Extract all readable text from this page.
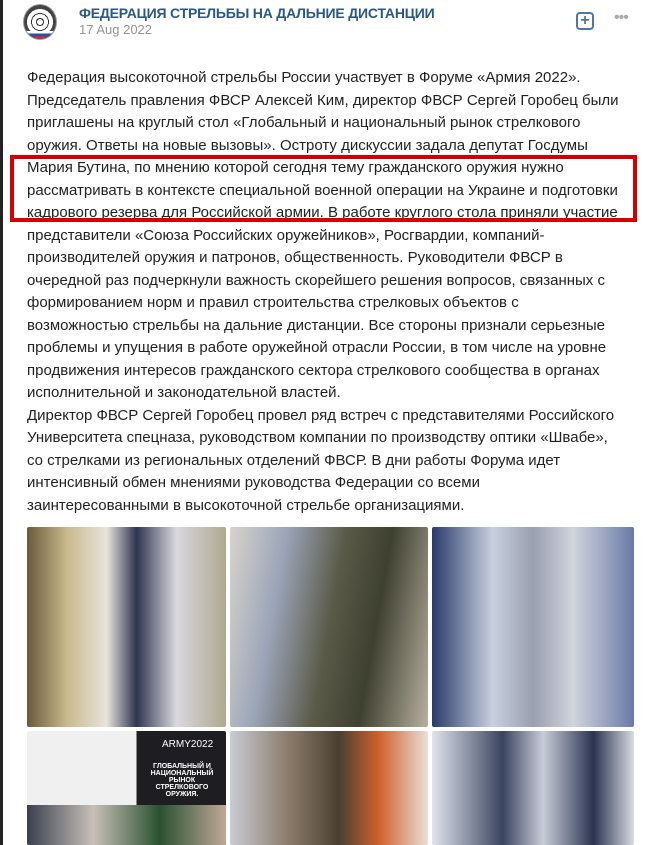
ФЕДЕРАЦИЯ СТРЕЛЬБЫ НА ДАЛЬНИЕ ДИСТАНЦИИ
17 Aug 2022
+ •••
Федерация высокоточной стрельбы России участвует в Форуме «Армия 2022».
Председатель правления ФВСР Алексей Ким, директор ФВСР Сергей Горобец были
приглашены на круглый стол «Глобальный и национальный рынок стрелкового
оружия. Ответы на новые вызовы». Остроту дискуссии задала депутат Госдумы
Мария Бутина, по мнению которой сегодня тему гражданского оружия нужно
рассматривать в контексте специальной военной операции на Украине и подготовки
кадрового резерва для Российской армии. В работе круглого стола приняли участие
представители «Союза Российских оружейников», Росгвардии, компаний-
производителей оружия и патронов, общественность. Руководители ФВСР в
очередной раз подчеркнули важность скорейшего решения вопросов, связанных с
формированием норм и правил строительства стрелковых объектов с
возможностью стрельбы на дальние дистанции. Все стороны признали серьезные
проблемы и упущения в работе оружейной отрасли России, в том числе на уровне
продвижения интересов гражданского сектора стрелкового сообщества в органах
исполнительной и законодательной властей.
Директор ФВСР Сергей Горобец провел ряд встреч с представителями Российского
Университета спецназа, руководством компании по производству оптики «Швабе»,
со стрелками из региональных отделений ФВСР. В дни работы Форума идет
интенсивный обмен мнениями руководства Федерации со всеми
заинтересованными в высокоточной стрельбе организациями.
ARMY2022
ГЛОБАЛЬНЫЙ И НАЦИОНАЛЬНЫЙ РЫНОК СТРЕЛКОВОГО ОРУЖИЯ.
